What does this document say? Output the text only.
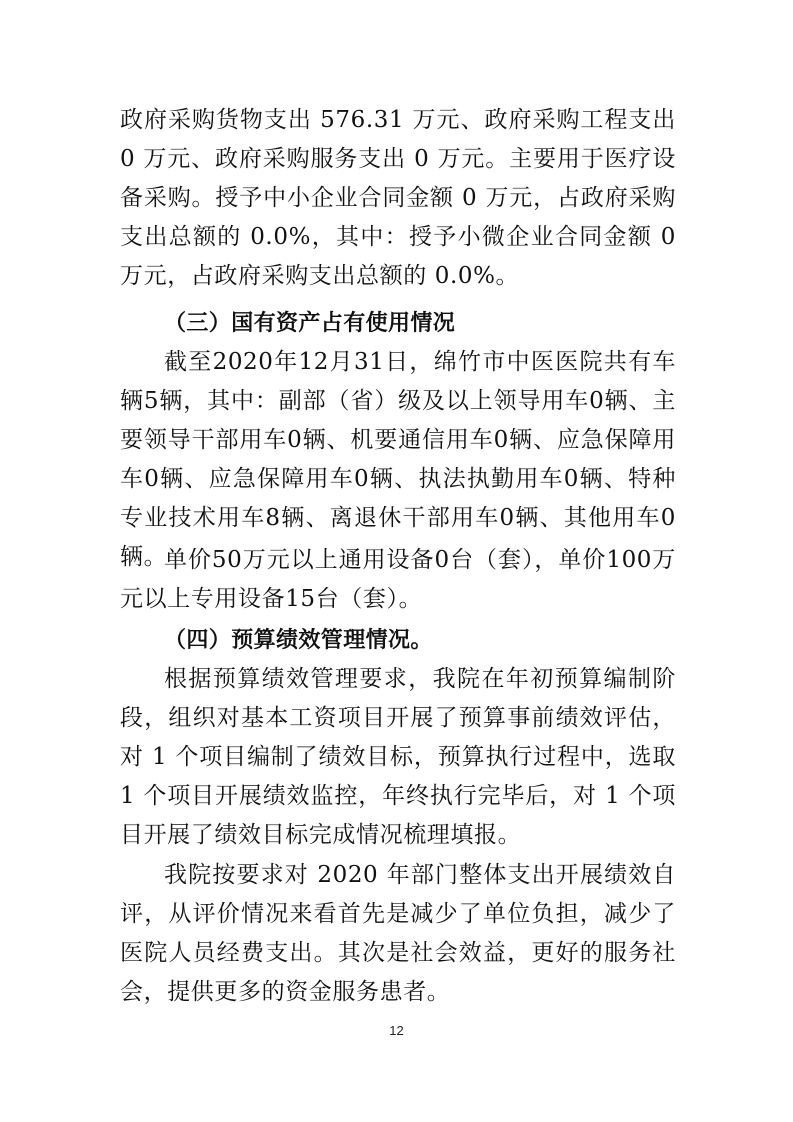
政府采购货物支出 576.31 万元、政府采购工程支出 0 万元、政府采购服务支出 0 万元。主要用于医疗设备采购。授予中小企业合同金额 0 万元，占政府采购支出总额的 0.0%，其中：授予小微企业合同金额 0 万元，占政府采购支出总额的 0.0%。

（三）国有资产占有使用情况

截至2020年12月31日，绵竹市中医医院共有车辆5辆，其中：副部（省）级及以上领导用车0辆、主要领导干部用车0辆、机要通信用车0辆、应急保障用车0辆、应急保障用车0辆、执法执勤用车0辆、特种专业技术用车8辆、离退休干部用车0辆、其他用车0辆。

单价50万元以上通用设备0台（套），单价100万元以上专用设备15台（套）。

（四）预算绩效管理情况。

根据预算绩效管理要求，我院在年初预算编制阶段，组织对基本工资项目开展了预算事前绩效评估，对 1 个项目编制了绩效目标，预算执行过程中，选取 1 个项目开展绩效监控，年终执行完毕后，对 1 个项目开展了绩效目标完成情况梳理填报。

我院按要求对 2020 年部门整体支出开展绩效自评，从评价情况来看首先是减少了单位负担，减少了医院人员经费支出。其次是社会效益，更好的服务社会，提供更多的资金服务患者。

12
